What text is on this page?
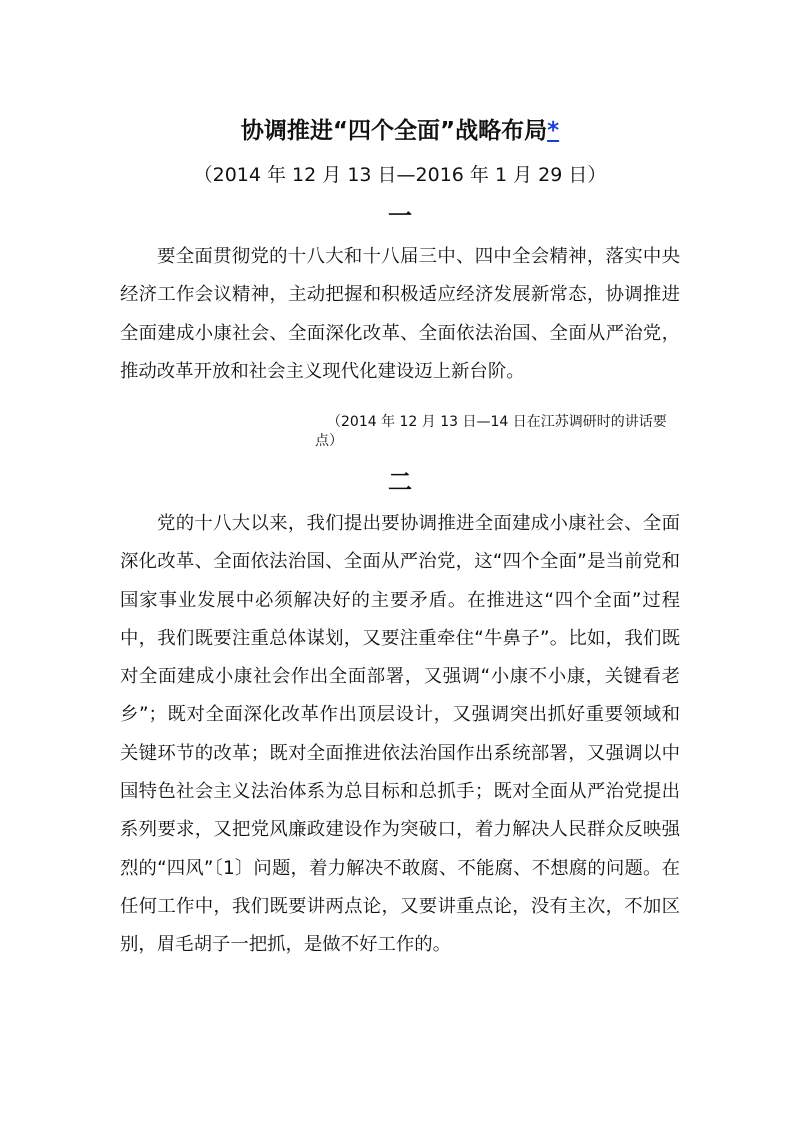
协调推进“四个全面”战略布局*
（2014 年 12 月 13 日—2016 年 1 月 29 日）
一

要全面贯彻党的十八大和十八届三中、四中全会精神，落实中央经济工作会议精神，主动把握和积极适应经济发展新常态，协调推进全面建成小康社会、全面深化改革、全面依法治国、全面从严治党，推动改革开放和社会主义现代化建设迈上新台阶。

（2014 年 12 月 13 日—14 日在江苏调研时的讲话要点）

二

党的十八大以来，我们提出要协调推进全面建成小康社会、全面深化改革、全面依法治国、全面从严治党，这“四个全面”是当前党和国家事业发展中必须解决好的主要矛盾。在推进这“四个全面”过程中，我们既要注重总体谋划，又要注重牵住“牛鼻子”。比如，我们既对全面建成小康社会作出全面部署，又强调“小康不小康，关键看老乡”；既对全面深化改革作出顶层设计，又强调突出抓好重要领域和关键环节的改革；既对全面推进依法治国作出系统部署，又强调以中国特色社会主义法治体系为总目标和总抓手；既对全面从严治党提出系列要求，又把党风廉政建设作为突破口，着力解决人民群众反映强烈的“四风”〔1〕问题，着力解决不敢腐、不能腐、不想腐的问题。在任何工作中，我们既要讲两点论，又要讲重点论，没有主次，不加区别，眉毛胡子一把抓，是做不好工作的。
